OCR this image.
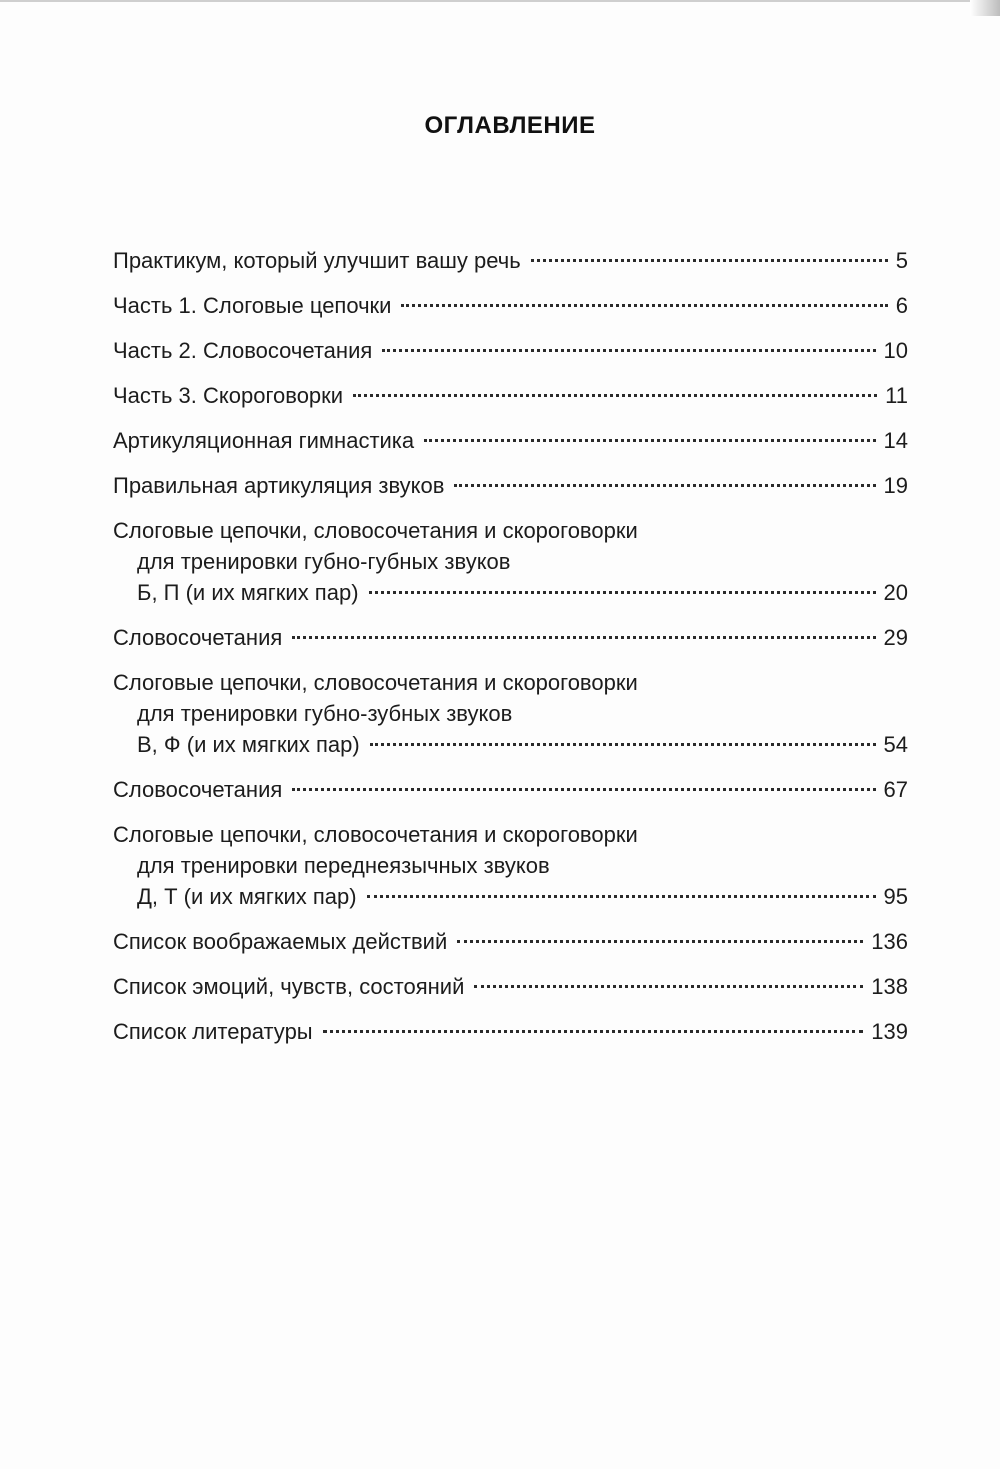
ОГЛАВЛЕНИЕ
Практикум, который улучшит вашу речь	5
Часть 1. Слоговые цепочки	6
Часть 2. Словосочетания	10
Часть 3. Скороговорки	11
Артикуляционная гимнастика	14
Правильная артикуляция звуков	19
Слоговые цепочки, словосочетания и скороговорки
для тренировки губно-губных звуков
Б, П (и их мягких пар)	20
Словосочетания	29
Слоговые цепочки, словосочетания и скороговорки
для тренировки губно-зубных звуков
В, Ф (и их мягких пар)	54
Словосочетания	67
Слоговые цепочки, словосочетания и скороговорки
для тренировки переднеязычных звуков
Д, Т (и их мягких пар)	95
Список воображаемых действий	136
Список эмоций, чувств, состояний	138
Список литературы	139
